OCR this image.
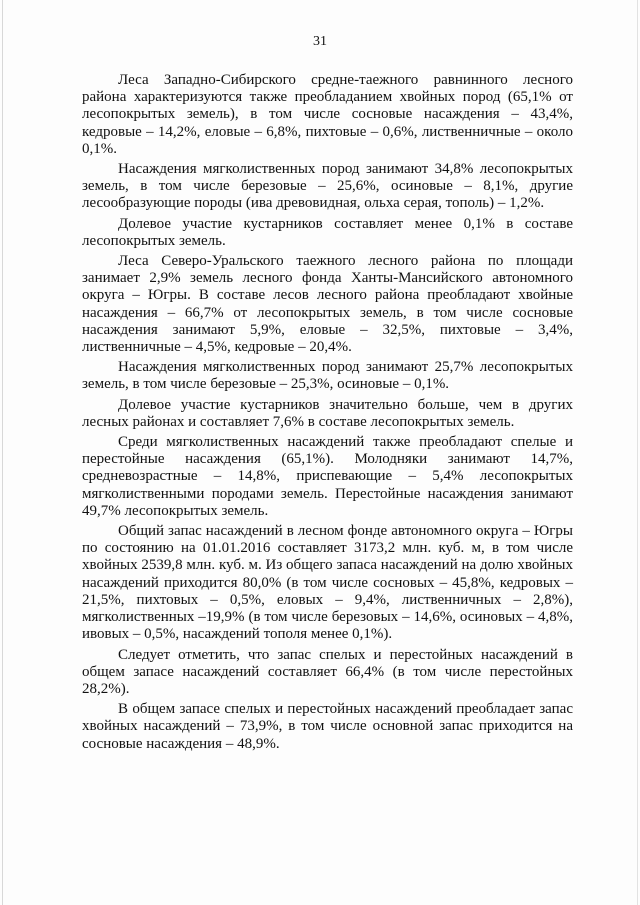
31

Леса Западно-Сибирского средне-таежного равнинного лесного района характеризуются также преобладанием хвойных пород (65,1% от лесопокрытых земель), в том числе сосновые насаждения – 43,4%, кедровые – 14,2%, еловые – 6,8%, пихтовые – 0,6%, лиственничные – около 0,1%.

Насаждения мягколиственных пород занимают 34,8% лесопокрытых земель, в том числе березовые – 25,6%, осиновые – 8,1%, другие лесообразующие породы (ива древовидная, ольха серая, тополь) – 1,2%.

Долевое участие кустарников составляет менее 0,1% в составе лесопокрытых земель.

Леса Северо-Уральского таежного лесного района по площади занимает 2,9% земель лесного фонда Ханты-Мансийского автономного округа – Югры. В составе лесов лесного района преобладают хвойные насаждения – 66,7% от лесопокрытых земель, в том числе сосновые насаждения занимают 5,9%, еловые – 32,5%, пихтовые – 3,4%, лиственничные – 4,5%, кедровые – 20,4%.

Насаждения мягколиственных пород занимают 25,7% лесопокрытых земель, в том числе березовые – 25,3%, осиновые – 0,1%.

Долевое участие кустарников значительно больше, чем в других лесных районах и составляет 7,6% в составе лесопокрытых земель.

Среди мягколиственных насаждений также преобладают спелые и перестойные насаждения (65,1%). Молодняки занимают 14,7%, средневозрастные – 14,8%, приспевающие – 5,4% лесопокрытых мягколиственными породами земель. Перестойные насаждения занимают 49,7% лесопокрытых земель.

Общий запас насаждений в лесном фонде автономного округа – Югры по состоянию на 01.01.2016 составляет 3173,2 млн. куб. м, в том числе хвойных 2539,8 млн. куб. м. Из общего запаса насаждений на долю хвойных насаждений приходится 80,0% (в том числе сосновых – 45,8%, кедровых – 21,5%, пихтовых – 0,5%, еловых – 9,4%, лиственничных – 2,8%), мягколиственных –19,9% (в том числе березовых – 14,6%, осиновых – 4,8%, ивовых – 0,5%, насаждений тополя менее 0,1%).

Следует отметить, что запас спелых и перестойных насаждений в общем запасе насаждений составляет 66,4% (в том числе перестойных 28,2%).

В общем запасе спелых и перестойных насаждений преобладает запас хвойных насаждений – 73,9%, в том числе основной запас приходится на сосновые насаждения – 48,9%.
